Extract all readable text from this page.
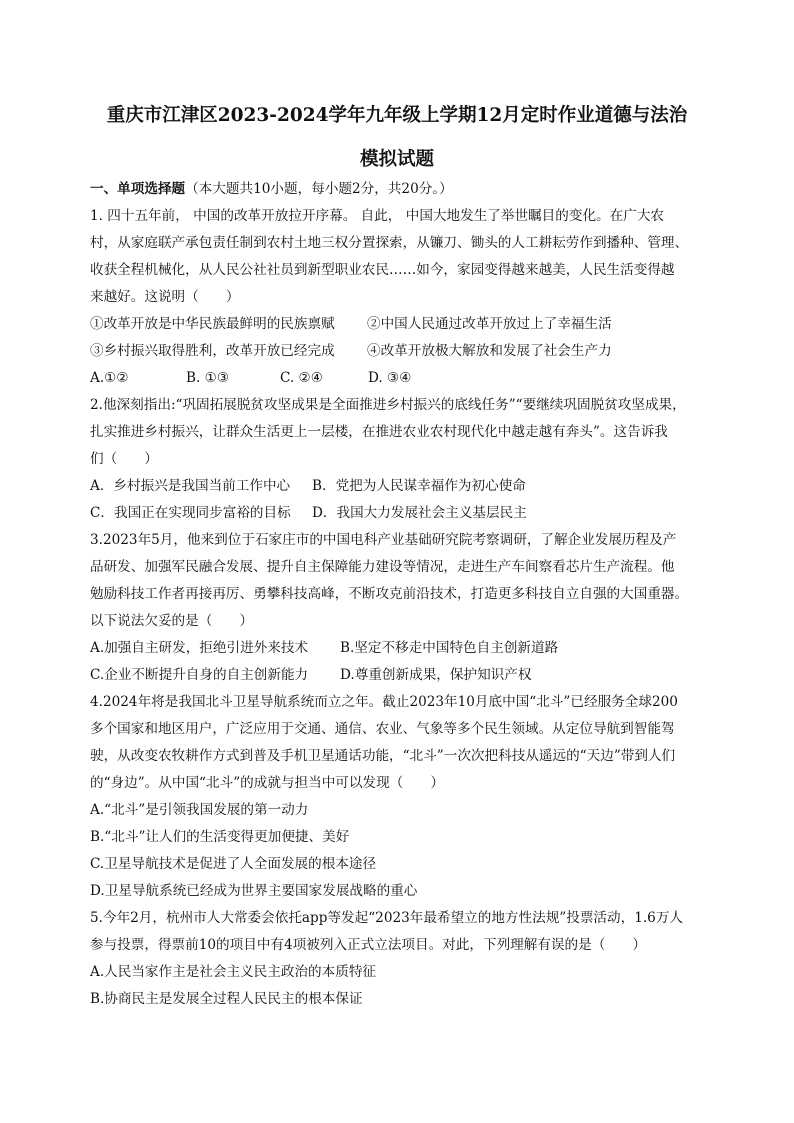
重庆市江津区2023-2024学年九年级上学期12月定时作业道德与法治
模拟试题
一、单项选择题（本大题共10小题，每小题2分，共20分。）
1. 四十五年前， 中国的改革开放拉开序幕。 自此， 中国大地发生了举世瞩目的变化。在广大农
村，从家庭联产承包责任制到农村土地三权分置探索，从镰刀、锄头的人工耕耘劳作到播种、管理、
收获全程机械化，从人民公社社员到新型职业农民……如今，家园变得越来越美，人民生活变得越
来越好。这说明（　　）
①改革开放是中华民族最鲜明的民族禀赋 ②中国人民通过改革开放过上了幸福生活
③乡村振兴取得胜利，改革开放已经完成 ④改革开放极大解放和发展了社会生产力
A.①②	B. ①③	C. ②④	D. ③④
2.他深刻指出:“巩固拓展脱贫攻坚成果是全面推进乡村振兴的底线任务”“要继续巩固脱贫攻坚成果，
扎实推进乡村振兴，让群众生活更上一层楼，在推进农业农村现代化中越走越有奔头”。这告诉我
们（　　）
A．乡村振兴是我国当前工作中心 B．党把为人民谋幸福作为初心使命
C．我国正在实现同步富裕的目标 D．我国大力发展社会主义基层民主
3.2023年5月，他来到位于石家庄市的中国电科产业基础研究院考察调研，了解企业发展历程及产
品研发、加强军民融合发展、提升自主保障能力建设等情况，走进生产车间察看芯片生产流程。他
勉励科技工作者再接再厉、勇攀科技高峰，不断攻克前沿技术，打造更多科技自立自强的大国重器。
以下说法欠妥的是（　　）
A.加强自主研发，拒绝引进外来技术 B.坚定不移走中国特色自主创新道路
C.企业不断提升自身的自主创新能力 D.尊重创新成果，保护知识产权
4.2024年将是我国北斗卫星导航系统而立之年。截止2023年10月底中国“北斗”已经服务全球200
多个国家和地区用户，广泛应用于交通、通信、农业、气象等多个民生领域。从定位导航到智能驾
驶，从改变农牧耕作方式到普及手机卫星通话功能，“北斗”一次次把科技从遥远的“天边”带到人们
的“身边”。从中国“北斗”的成就与担当中可以发现（　　）
A.“北斗”是引领我国发展的第一动力
B.“北斗”让人们的生活变得更加便捷、美好
C.卫星导航技术是促进了人全面发展的根本途径
D.卫星导航系统已经成为世界主要国家发展战略的重心
5.今年2月，杭州市人大常委会依托app等发起“2023年最希望立的地方性法规”投票活动，1.6万人
参与投票，得票前10的项目中有4项被列入正式立法项目。对此，下列理解有误的是（　　）
A.人民当家作主是社会主义民主政治的本质特征
B.协商民主是发展全过程人民民主的根本保证
